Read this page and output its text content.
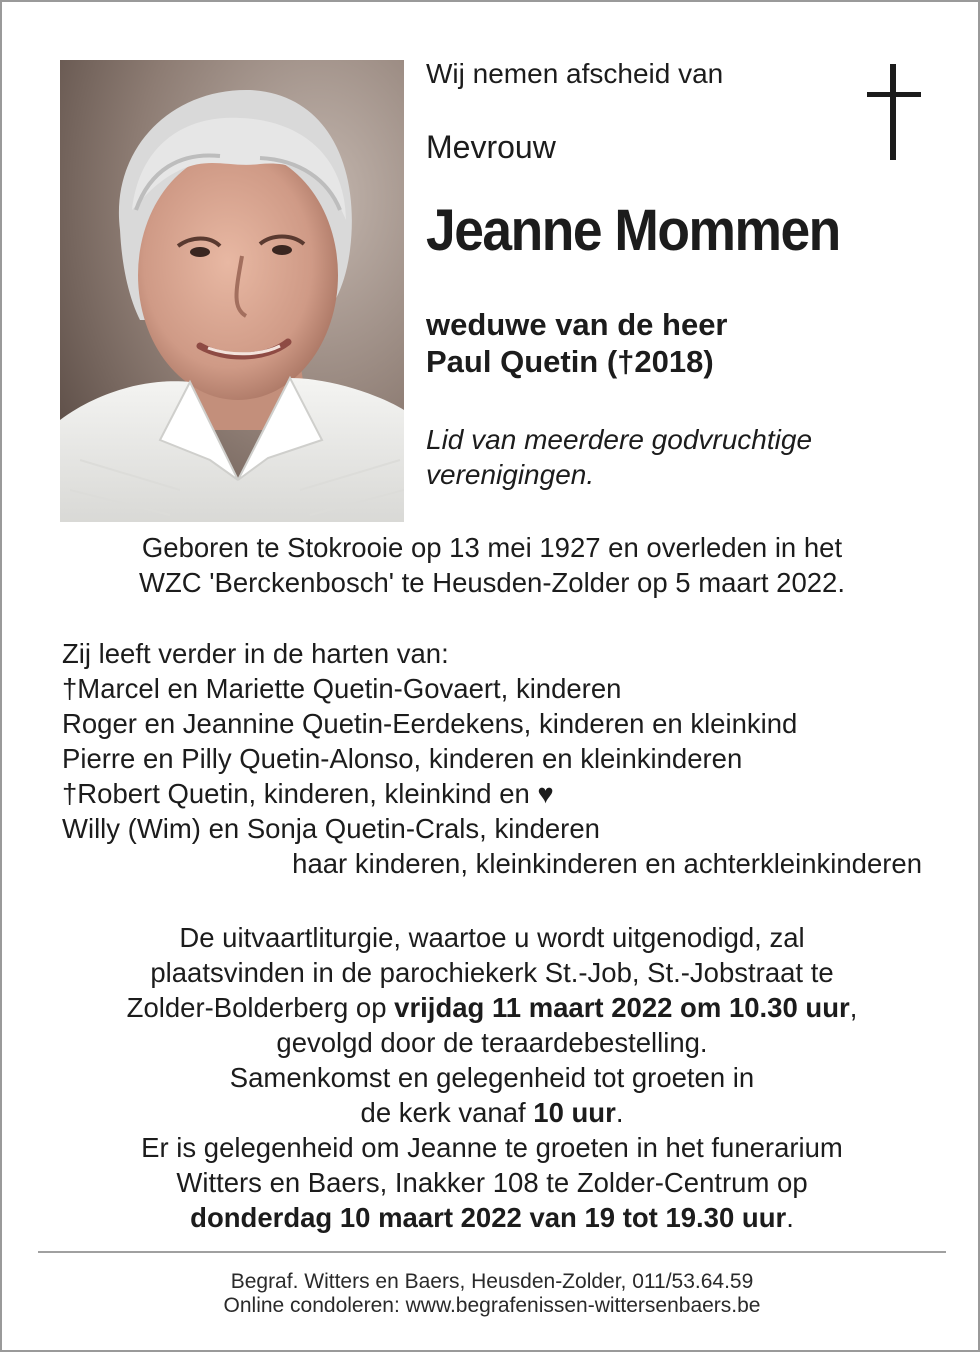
Wij nemen afscheid van
Mevrouw
Jeanne Mommen
weduwe van de heer
Paul Quetin (†2018)
Lid van meerdere godvruchtige
verenigingen.
Geboren te Stokrooie op 13 mei 1927 en overleden in het
WZC 'Berckenbosch' te Heusden-Zolder op 5 maart 2022.
Zij leeft verder in de harten van:
†Marcel en Mariette Quetin-Govaert, kinderen
Roger en Jeannine Quetin-Eerdekens, kinderen en kleinkind
Pierre en Pilly Quetin-Alonso, kinderen en kleinkinderen
†Robert Quetin, kinderen, kleinkind en ♥
Willy (Wim) en Sonja Quetin-Crals, kinderen
haar kinderen, kleinkinderen en achterkleinkinderen
De uitvaartliturgie, waartoe u wordt uitgenodigd, zal
plaatsvinden in de parochiekerk St.-Job, St.-Jobstraat te
Zolder-Bolderberg op vrijdag 11 maart 2022 om 10.30 uur,
gevolgd door de teraardebestelling.
Samenkomst en gelegenheid tot groeten in
de kerk vanaf 10 uur.
Er is gelegenheid om Jeanne te groeten in het funerarium
Witters en Baers, Inakker 108 te Zolder-Centrum op
donderdag 10 maart 2022 van 19 tot 19.30 uur.
Begraf. Witters en Baers, Heusden-Zolder, 011/53.64.59
Online condoleren: www.begrafenissen-wittersenbaers.be
